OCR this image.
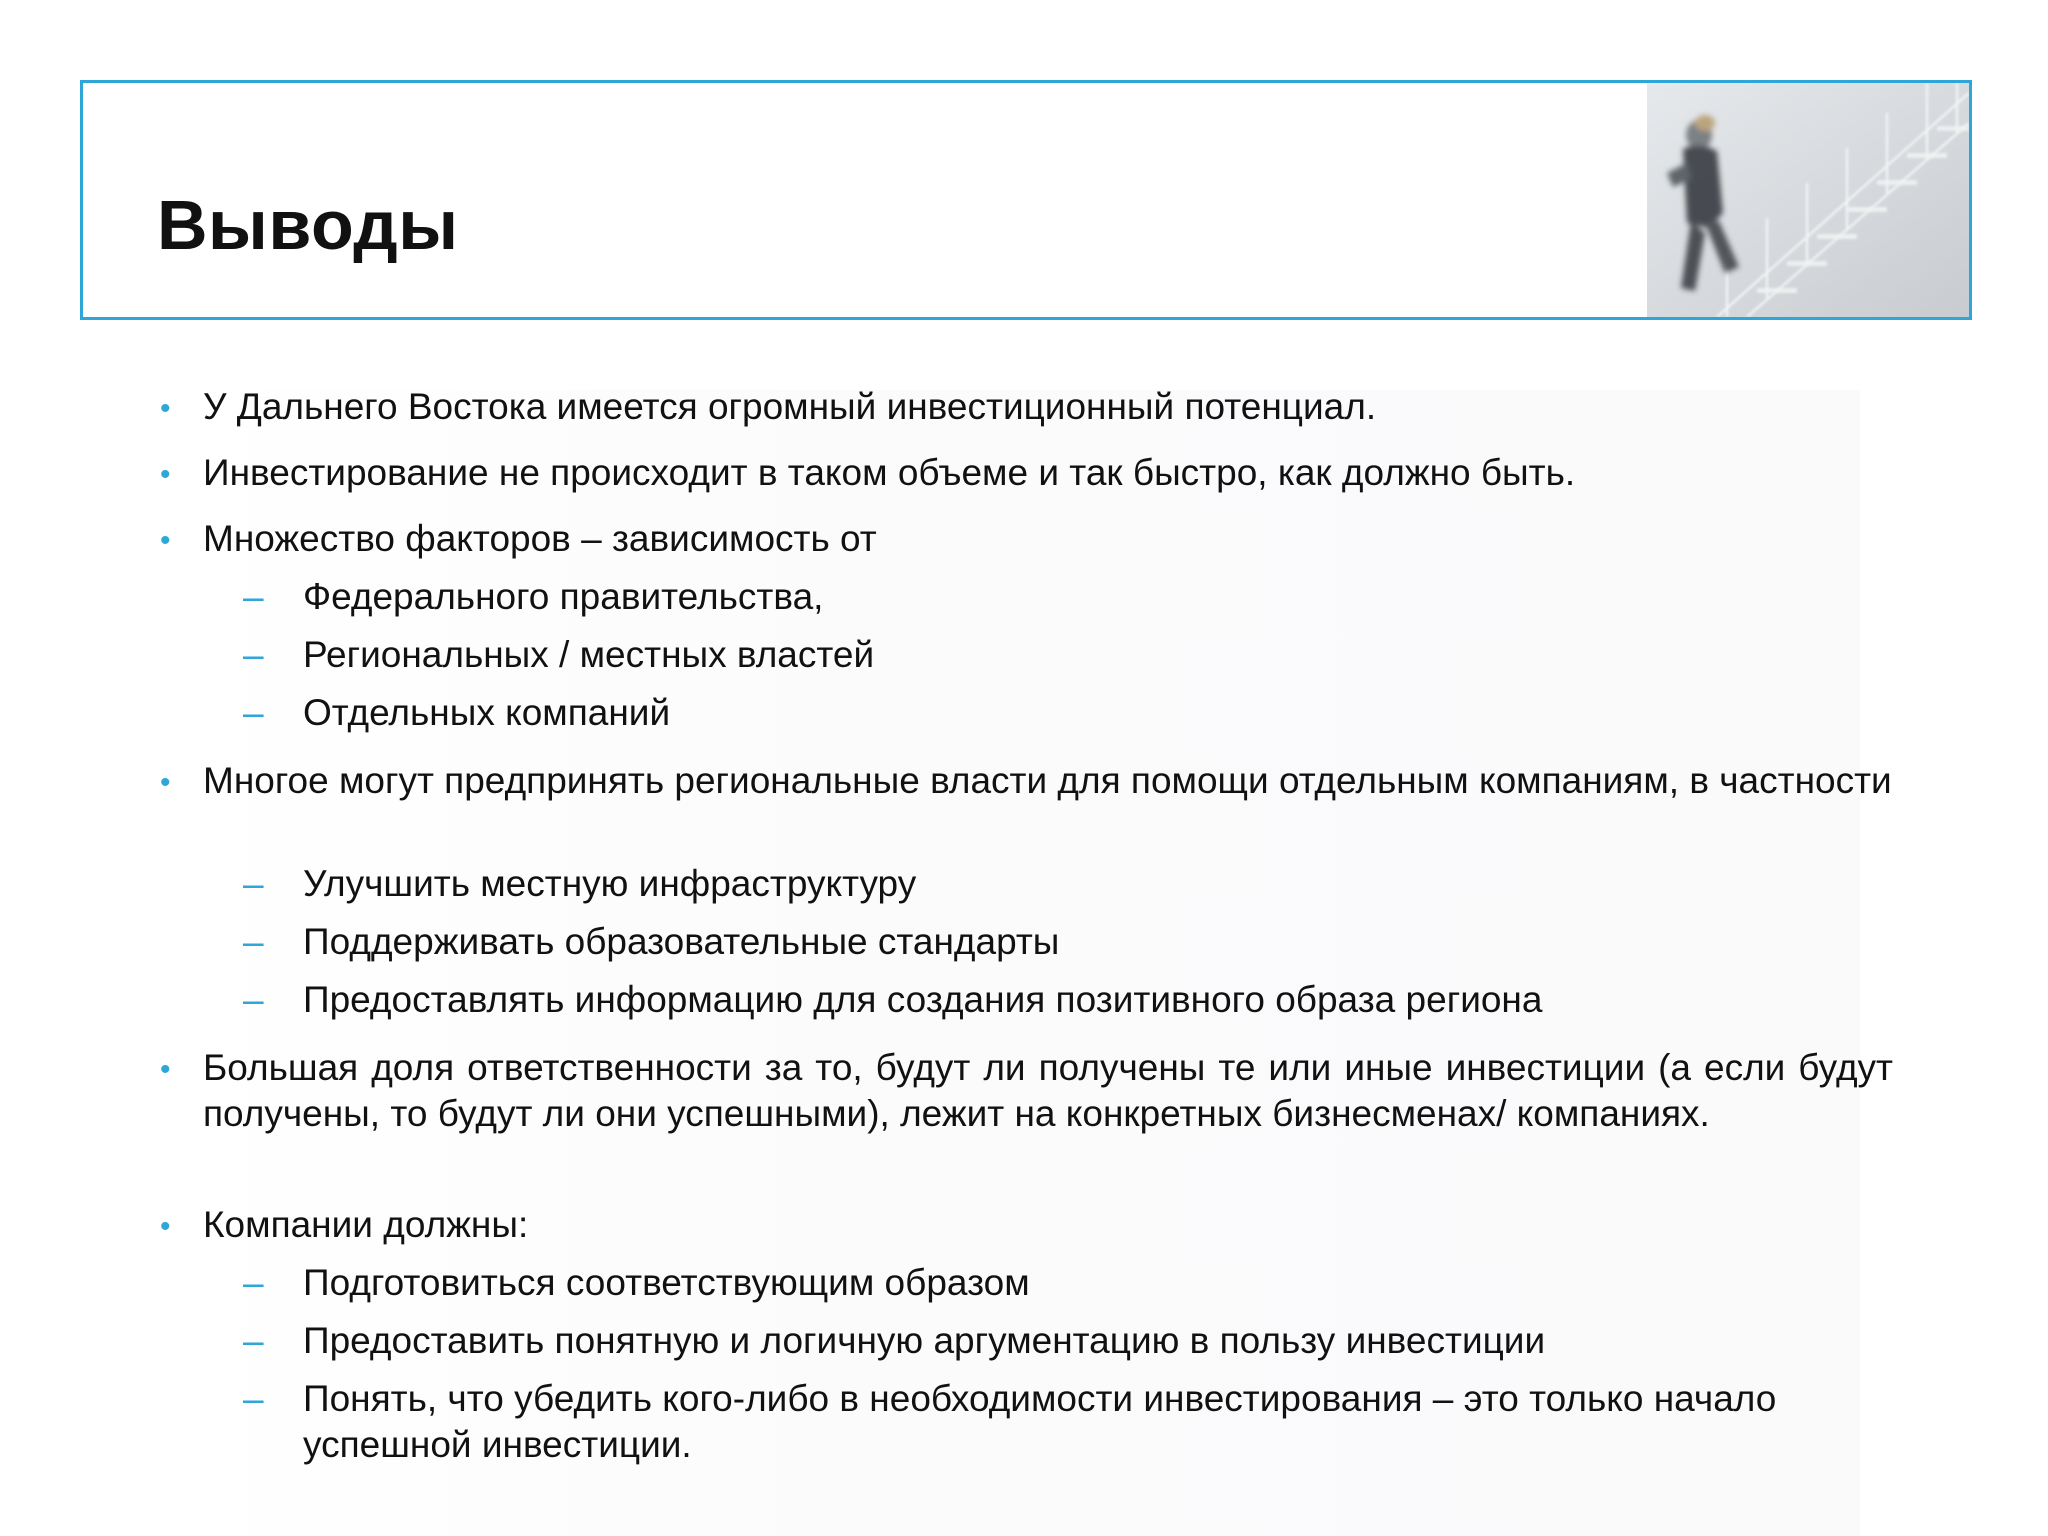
Выводы
• У Дальнего Востока имеется огромный инвестиционный потенциал.
• Инвестирование не происходит в таком объеме и так быстро, как должно быть.
• Множество факторов – зависимость от
– Федерального правительства,
– Региональных / местных властей
– Отдельных компаний
• Многое могут предпринять региональные власти для помощи отдельным компаниям, в частности
– Улучшить местную инфраструктуру
– Поддерживать образовательные стандарты
– Предоставлять информацию для создания позитивного образа региона
• Большая доля ответственности за то, будут ли получены те или иные инвестиции (а если будут получены, то будут ли они успешными), лежит на конкретных бизнесменах/ компаниях.
• Компании должны:
– Подготовиться соответствующим образом
– Предоставить понятную и логичную аргументацию в пользу инвестиции
– Понять, что убедить кого-либо в необходимости инвестирования – это только начало успешной инвестиции.
